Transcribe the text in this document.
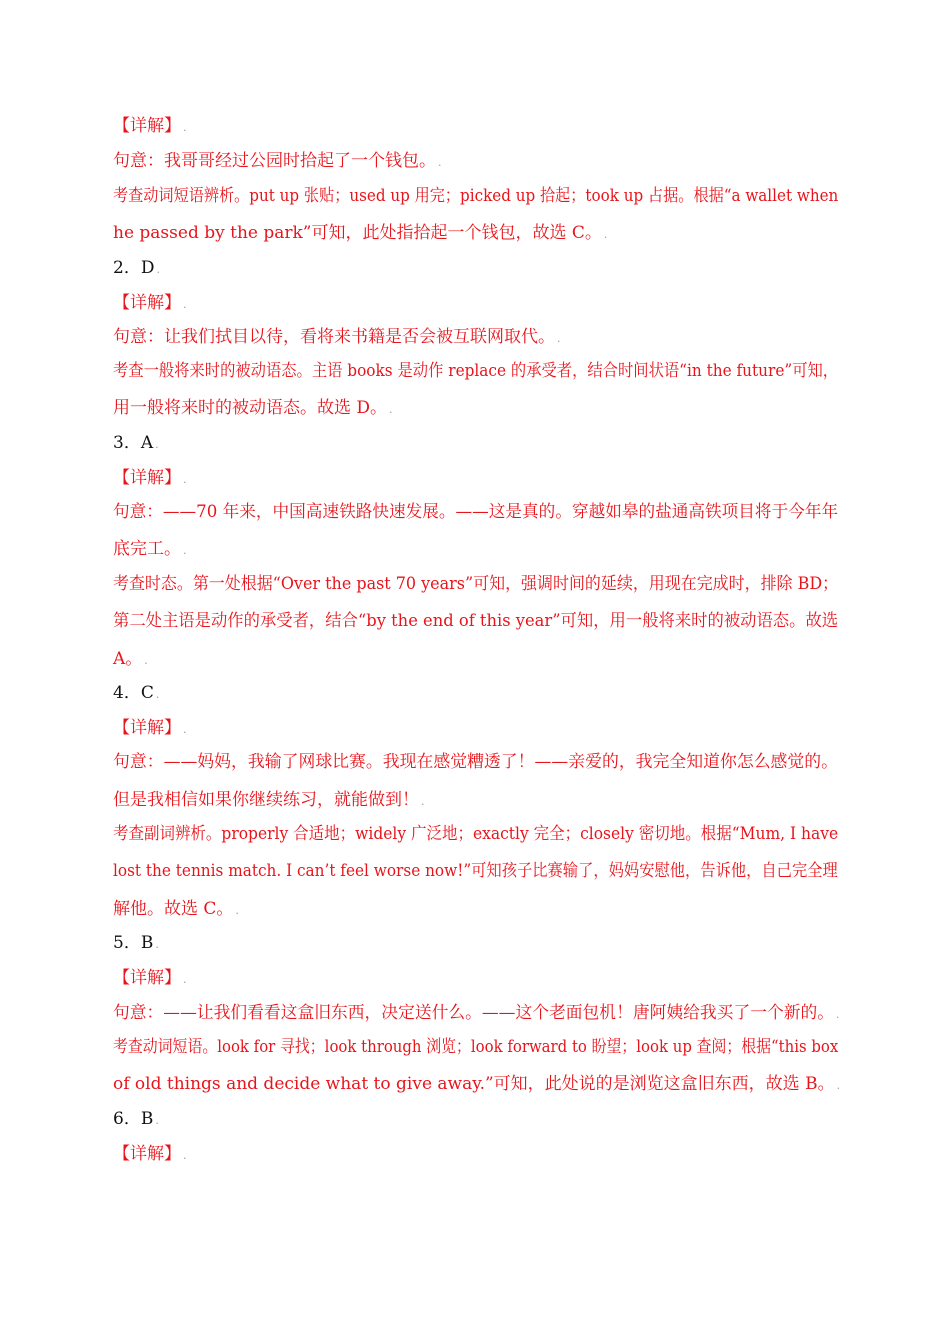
【详解】 .
句意：我哥哥经过公园时拾起了一个钱包。 .
考查动词短语辨析。put up 张贴；used up 用完；picked up 拾起；took up 占据。根据“a wallet when
he passed by the park”可知，此处指拾起一个钱包，故选 C。 .
2．D .
【详解】 .
句意：让我们拭目以待，看将来书籍是否会被互联网取代。 .
考查一般将来时的被动语态。主语 books 是动作 replace 的承受者，结合时间状语“in the future”可知，
用一般将来时的被动语态。故选 D。 .
3．A .
【详解】 .
句意：——70 年来，中国高速铁路快速发展。——这是真的。穿越如皋的盐通高铁项目将于今年年
底完工。 .
考查时态。第一处根据“Over the past 70 years”可知，强调时间的延续，用现在完成时，排除 BD；
第二处主语是动作的承受者，结合“by the end of this year”可知，用一般将来时的被动语态。故选
A。 .
4．C .
【详解】 .
句意：——妈妈，我输了网球比赛。我现在感觉糟透了！——亲爱的，我完全知道你怎么感觉的。
但是我相信如果你继续练习，就能做到！ .
考查副词辨析。properly 合适地；widely 广泛地；exactly 完全；closely 密切地。根据“Mum, I have
lost the tennis match. I can’t feel worse now!”可知孩子比赛输了，妈妈安慰他，告诉他，自己完全理
解他。故选 C。 .
5．B .
【详解】 .
句意：——让我们看看这盒旧东西，决定送什么。——这个老面包机！唐阿姨给我买了一个新的。 .
考查动词短语。look for 寻找；look through 浏览；look forward to 盼望；look up 查阅；根据“this box
of old things and decide what to give away.”可知，此处说的是浏览这盒旧东西，故选 B。 .
6．B .
【详解】 .
